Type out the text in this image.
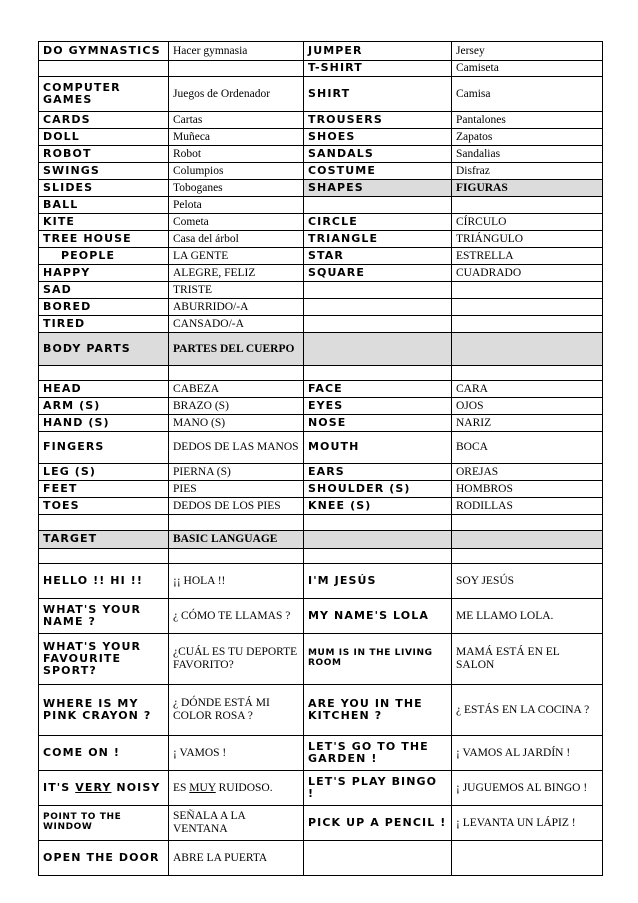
DO GYMNASTICS	Hacer gymnasia	JUMPER	Jersey
		T-SHIRT	Camiseta
COMPUTER GAMES	Juegos de Ordenador	SHIRT	Camisa
CARDS	Cartas	TROUSERS	Pantalones
DOLL	Muñeca	SHOES	Zapatos
ROBOT	Robot	SANDALS	Sandalias
SWINGS	Columpios	COSTUME	Disfraz
SLIDES	Toboganes	SHAPES	FIGURAS
BALL	Pelota		
KITE	Cometa	CIRCLE	CÍRCULO
TREE HOUSE	Casa del árbol	TRIANGLE	TRIÁNGULO
PEOPLE	LA GENTE	STAR	ESTRELLA
HAPPY	ALEGRE, FELIZ	SQUARE	CUADRADO
SAD	TRISTE		
BORED	ABURRIDO/-A		
TIRED	CANSADO/-A		
BODY PARTS	PARTES DEL CUERPO		

HEAD	CABEZA	FACE	CARA
ARM (S)	BRAZO (S)	EYES	OJOS
HAND (S)	MANO (S)	NOSE	NARIZ
FINGERS	DEDOS DE LAS MANOS	MOUTH	BOCA
LEG (S)	PIERNA (S)	EARS	OREJAS
FEET	PIES	SHOULDER (S)	HOMBROS
TOES	DEDOS DE LOS PIES	KNEE (S)	RODILLAS

TARGET	BASIC LANGUAGE		

HELLO !! HI !!	¡¡ HOLA !!	I'M JESÚS	SOY JESÚS
WHAT'S YOUR NAME ?	¿ CÓMO TE LLAMAS ?	MY NAME'S LOLA	ME LLAMO LOLA.
WHAT'S YOUR FAVOURITE SPORT?	¿CUÁL ES TU DEPORTE FAVORITO?	MUM IS IN THE LIVING ROOM	MAMÁ ESTÁ EN EL SALON
WHERE IS MY PINK CRAYON ?	¿ DÓNDE ESTÁ MI COLOR ROSA ?	ARE YOU IN THE KITCHEN ?	¿ ESTÁS EN LA COCINA ?
COME ON !	¡ VAMOS !	LET'S GO TO THE GARDEN !	¡ VAMOS AL JARDÍN !
IT'S VERY NOISY	ES MUY RUIDOSO.	LET'S PLAY BINGO !	¡ JUGUEMOS AL BINGO !
POINT TO THE WINDOW	SEÑALA A LA VENTANA	PICK UP A PENCIL !	¡ LEVANTA UN LÁPIZ !
OPEN THE DOOR	ABRE LA PUERTA		
